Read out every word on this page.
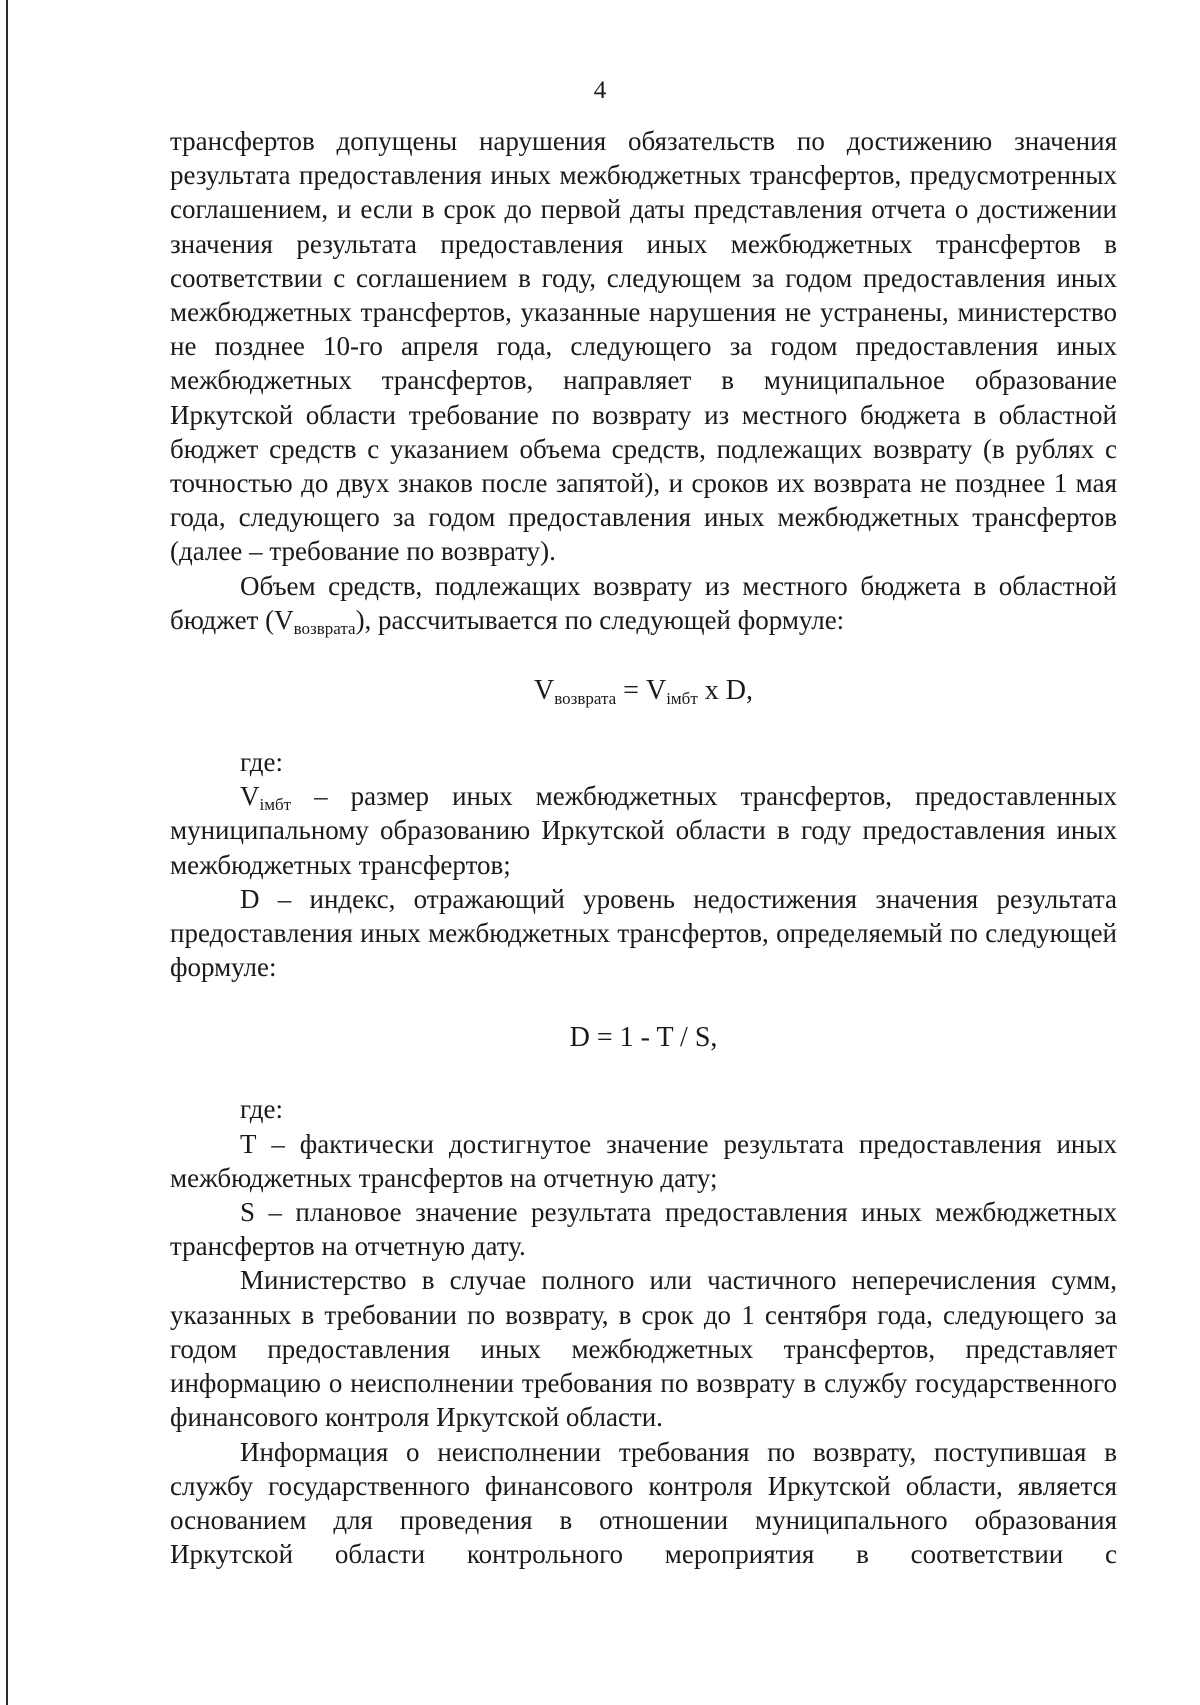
4

трансфертов допущены нарушения обязательств по достижению значения результата предоставления иных межбюджетных трансфертов, предусмотренных соглашением, и если в срок до первой даты представления отчета о достижении значения результата предоставления иных межбюджетных трансфертов в соответствии с соглашением в году, следующем за годом предоставления иных межбюджетных трансфертов, указанные нарушения не устранены, министерство не позднее 10-го апреля года, следующего за годом предоставления иных межбюджетных трансфертов, направляет в муниципальное образование Иркутской области требование по возврату из местного бюджета в областной бюджет средств с указанием объема средств, подлежащих возврату (в рублях с точностью до двух знаков после запятой), и сроков их возврата не позднее 1 мая года, следующего за годом предоставления иных межбюджетных трансфертов (далее – требование по возврату).

Объем средств, подлежащих возврату из местного бюджета в областной бюджет $(V_{возврата})$, рассчитывается по следующей формуле:

$V_{возврата} = V_{iмбт}$ x D,

где:

$V_{iмбт}$ – размер иных межбюджетных трансфертов, предоставленных муниципальному образованию Иркутской области в году предоставления иных межбюджетных трансфертов;

D – индекс, отражающий уровень недостижения значения результата предоставления иных межбюджетных трансфертов, определяемый по следующей формуле:

D = 1 - T / S,

где:

Т – фактически достигнутое значение результата предоставления иных межбюджетных трансфертов на отчетную дату;

S – плановое значение результата предоставления иных межбюджетных трансфертов на отчетную дату.

Министерство в случае полного или частичного неперечисления сумм, указанных в требовании по возврату, в срок до 1 сентября года, следующего за годом предоставления иных межбюджетных трансфертов, представляет информацию о неисполнении требования по возврату в службу государственного финансового контроля Иркутской области.

Информация о неисполнении требования по возврату, поступившая в службу государственного финансового контроля Иркутской области, является основанием для проведения в отношении муниципального образования Иркутской области контрольного мероприятия в соответствии с
